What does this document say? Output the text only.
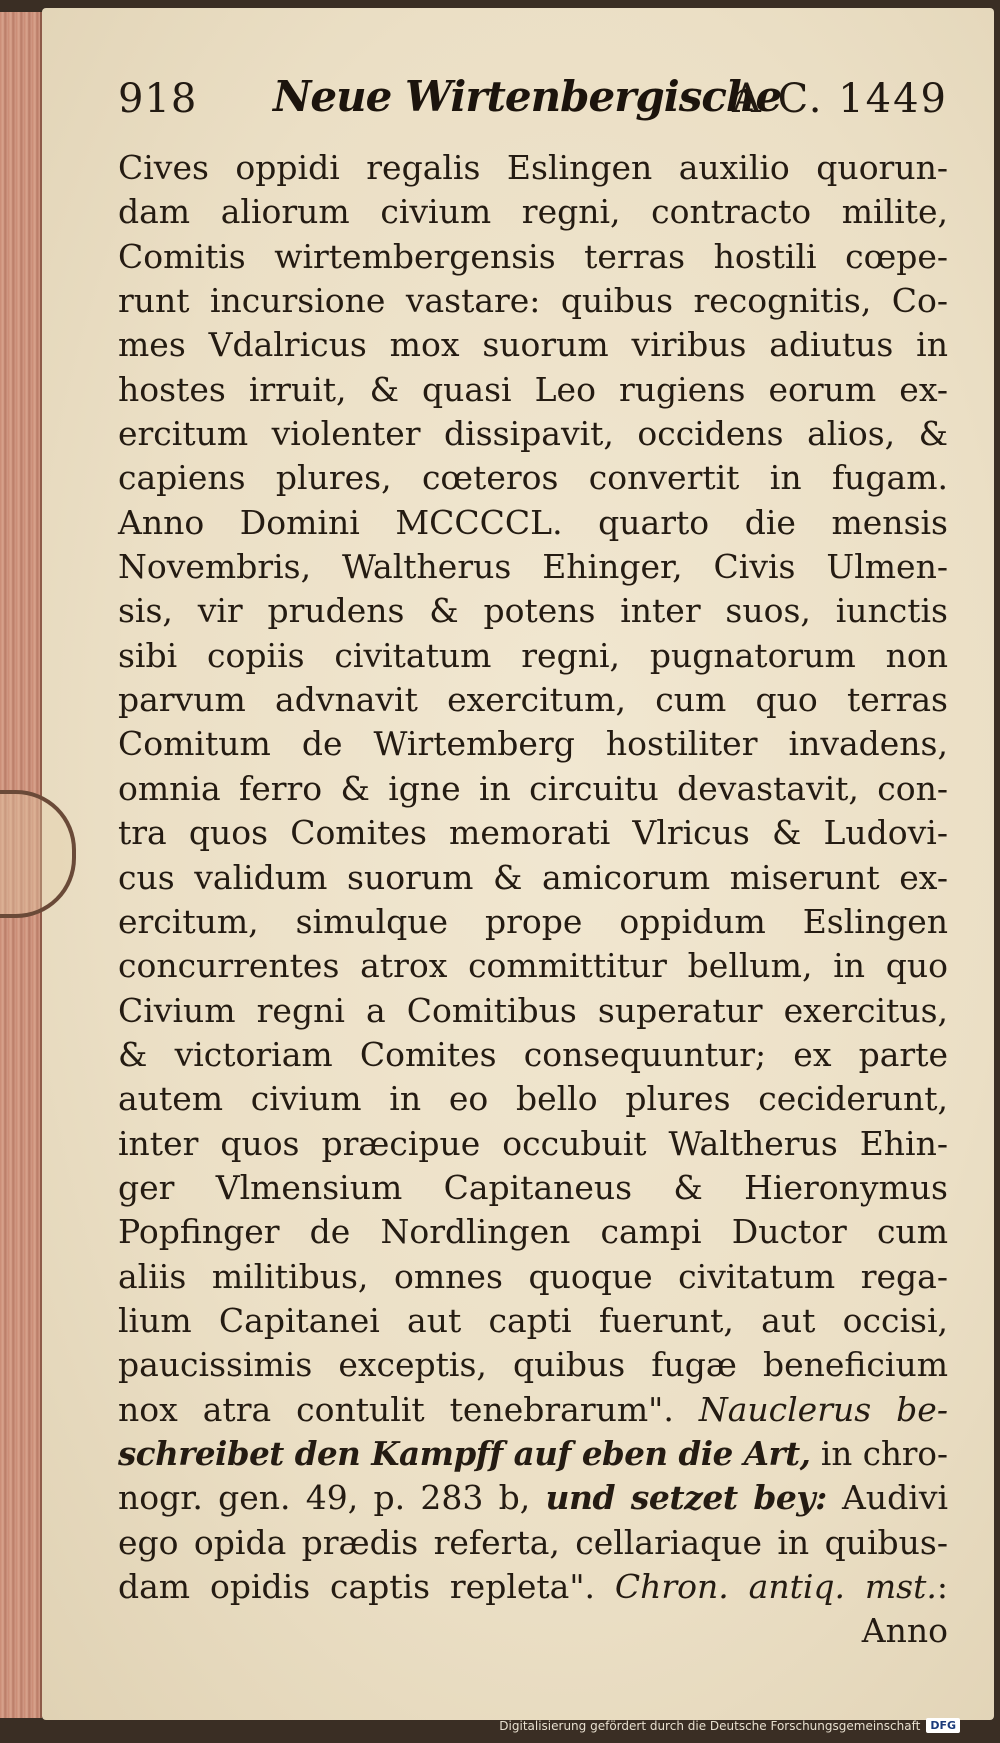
918 Neue Wirtenbergische
A C. 1449
Cives oppidi regalis Eslingen auxilio quorun-
dam aliorum civium regni, contracto milite,
Comitis wirtembergensis terras hostili cœpe-
runt incursione vastare: quibus recognitis, Co-
mes Vdalricus mox suorum viribus adiutus in
hostes irruit, & quasi Leo rugiens eorum ex-
ercitum violenter dissipavit, occidens alios, &
capiens plures, cœteros convertit in fugam.
Anno Domini MCCCCL. quarto die mensis
Novembris, Waltherus Ehinger, Civis Ulmen-
sis, vir prudens & potens inter suos, iunctis
sibi copiis civitatum regni, pugnatorum non
parvum advnavit exercitum, cum quo terras
Comitum de Wirtemberg hostiliter invadens,
omnia ferro & igne in circuitu devastavit, con-
tra quos Comites memorati Vlricus & Ludovi-
cus validum suorum & amicorum miserunt ex-
ercitum, simulque prope oppidum Eslingen
concurrentes atrox committitur bellum, in quo
Civium regni a Comitibus superatur exercitus,
& victoriam Comites consequuntur; ex parte
autem civium in eo bello plures ceciderunt,
inter quos præcipue occubuit Waltherus Ehin-
ger Vlmensium Capitaneus & Hieronymus
Popfinger de Nordlingen campi Ductor cum
aliis militibus, omnes quoque civitatum rega-
lium Capitanei aut capti fuerunt, aut occisi,
paucissimis exceptis, quibus fugæ beneficium
nox atra contulit tenebrarum". Nauclerus be-
schreibet den Kampff auf eben die Art, in chro-
nogr. gen. 49, p. 283 b, und setzet bey: Audivi
ego opida prædis referta, cellariaque in quibus-
dam opidis captis repleta". Chron. antiq. mst.:
Anno
Digitalisierung gefördert durch die Deutsche Forschungsgemeinschaft DFG
